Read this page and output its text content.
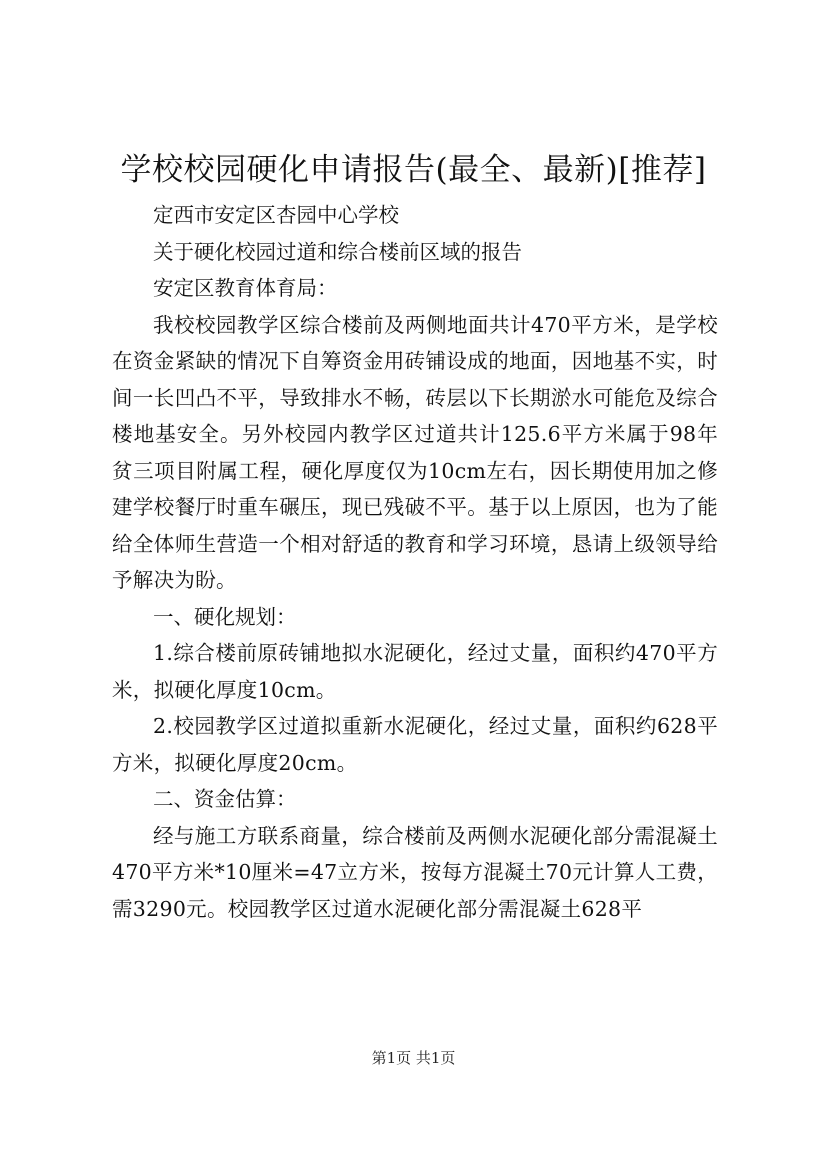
学校校园硬化申请报告(最全、最新)[推荐]

定西市安定区杏园中心学校

关于硬化校园过道和综合楼前区域的报告

安定区教育体育局：

我校校园教学区综合楼前及两侧地面共计470平方米，是学校在资金紧缺的情况下自筹资金用砖铺设成的地面，因地基不实，时间一长凹凸不平，导致排水不畅，砖层以下长期淤水可能危及综合楼地基安全。另外校园内教学区过道共计125.6平方米属于98年贫三项目附属工程，硬化厚度仅为10cm左右，因长期使用加之修建学校餐厅时重车碾压，现已残破不平。基于以上原因，也为了能给全体师生营造一个相对舒适的教育和学习环境，恳请上级领导给予解决为盼。

一、硬化规划：

1.综合楼前原砖铺地拟水泥硬化，经过丈量，面积约470平方米，拟硬化厚度10cm。

2.校园教学区过道拟重新水泥硬化，经过丈量，面积约628平方米，拟硬化厚度20cm。

二、资金估算：

经与施工方联系商量，综合楼前及两侧水泥硬化部分需混凝土470平方米*10厘米=47立方米，按每方混凝土70元计算人工费，需3290元。校园教学区过道水泥硬化部分需混凝土628平

第1页 共1页
